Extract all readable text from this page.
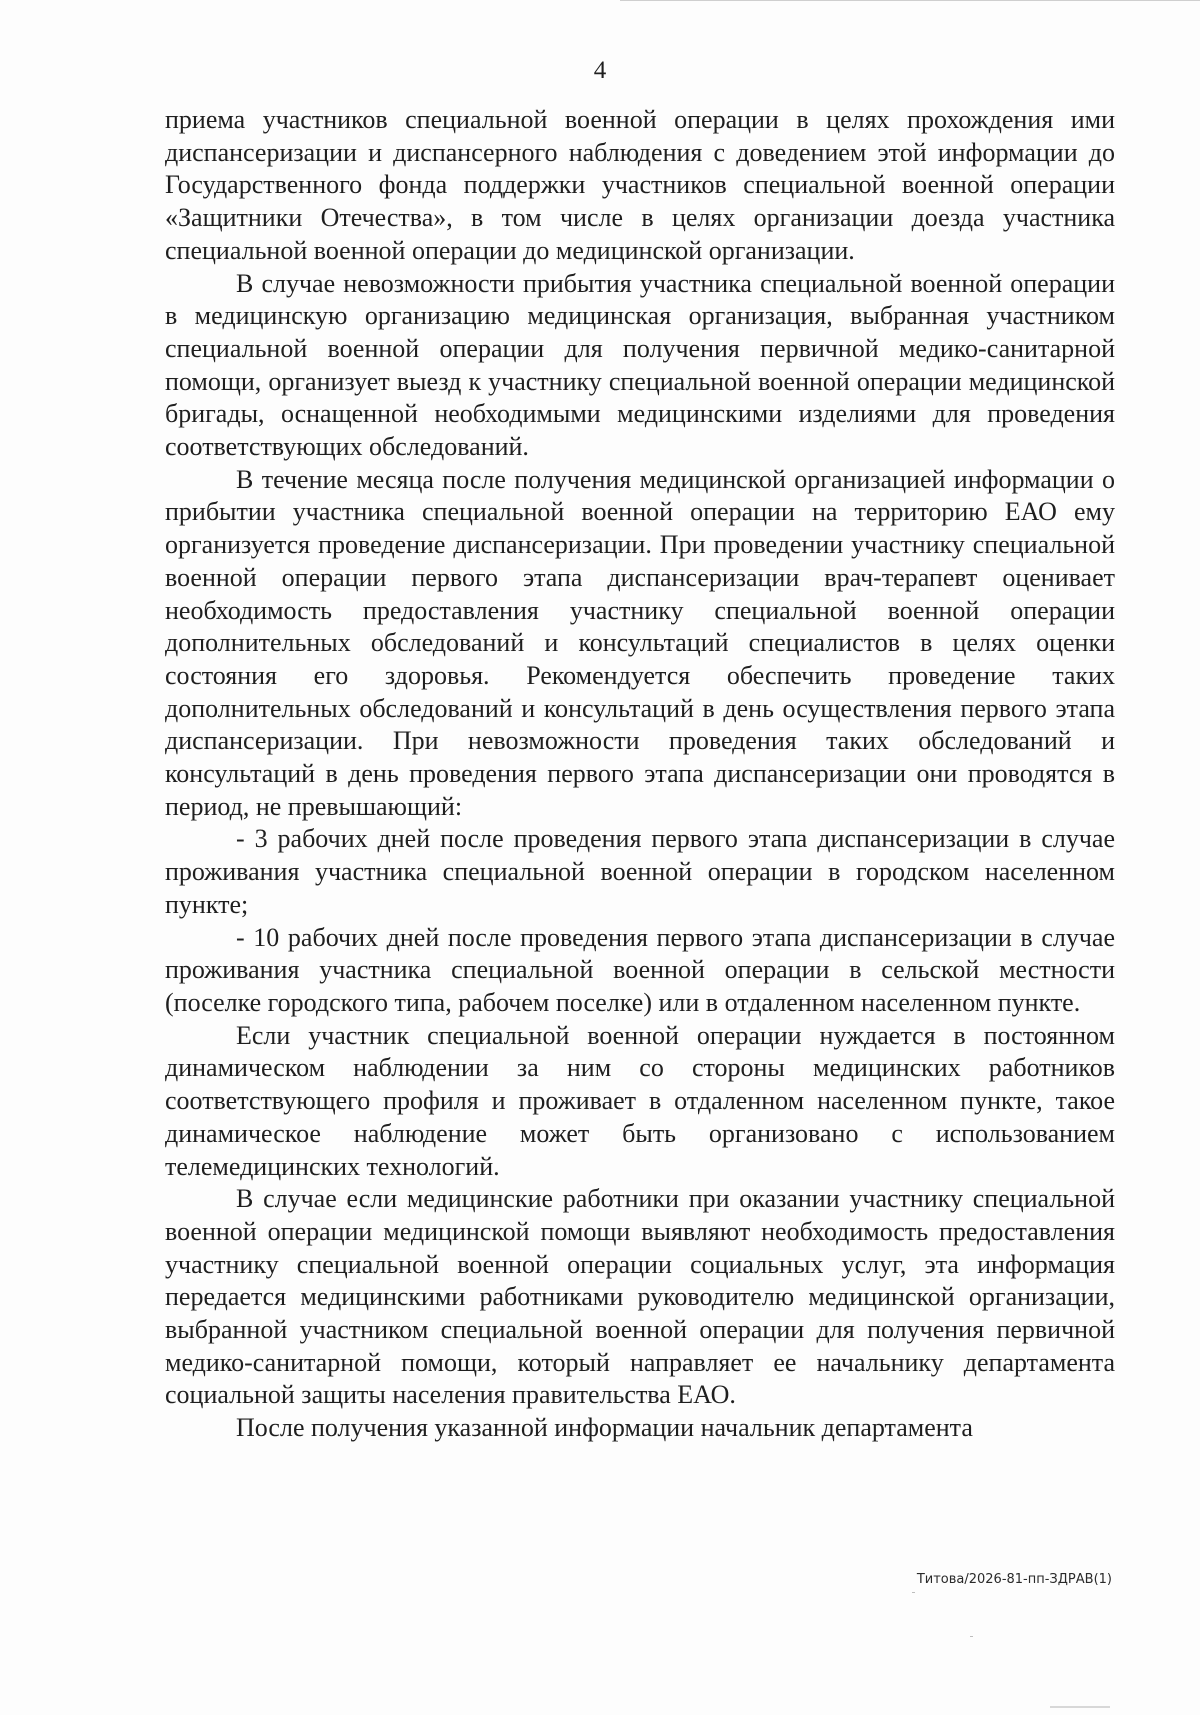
4

приема участников специальной военной операции в целях прохождения ими диспансеризации и диспансерного наблюдения с доведением этой информации до Государственного фонда поддержки участников специальной военной операции «Защитники Отечества», в том числе в целях организации доезда участника специальной военной операции до медицинской организации.

В случае невозможности прибытия участника специальной военной операции в медицинскую организацию медицинская организация, выбранная участником специальной военной операции для получения первичной медико-санитарной помощи, организует выезд к участнику специальной военной операции медицинской бригады, оснащенной необходимыми медицинскими изделиями для проведения соответствующих обследований.

В течение месяца после получения медицинской организацией информации о прибытии участника специальной военной операции на территорию ЕАО ему организуется проведение диспансеризации. При проведении участнику специальной военной операции первого этапа диспансеризации врач-терапевт оценивает необходимость предоставления участнику специальной военной операции дополнительных обследований и консультаций специалистов в целях оценки состояния его здоровья. Рекомендуется обеспечить проведение таких дополнительных обследований и консультаций в день осуществления первого этапа диспансеризации. При невозможности проведения таких обследований и консультаций в день проведения первого этапа диспансеризации они проводятся в период, не превышающий:

- 3 рабочих дней после проведения первого этапа диспансеризации в случае проживания участника специальной военной операции в городском населенном пункте;

- 10 рабочих дней после проведения первого этапа диспансеризации в случае проживания участника специальной военной операции в сельской местности (поселке городского типа, рабочем поселке) или в отдаленном населенном пункте.

Если участник специальной военной операции нуждается в постоянном динамическом наблюдении за ним со стороны медицинских работников соответствующего профиля и проживает в отдаленном населенном пункте, такое динамическое наблюдение может быть организовано с использованием телемедицинских технологий.

В случае если медицинские работники при оказании участнику специальной военной операции медицинской помощи выявляют необходимость предоставления участнику специальной военной операции социальных услуг, эта информация передается медицинскими работниками руководителю медицинской организации, выбранной участником специальной военной операции для получения первичной медико-санитарной помощи, который направляет ее начальнику департамента социальной защиты населения правительства ЕАО.

После получения указанной информации начальник департамента

Титова/2026-81-пп-ЗДРАВ(1)
